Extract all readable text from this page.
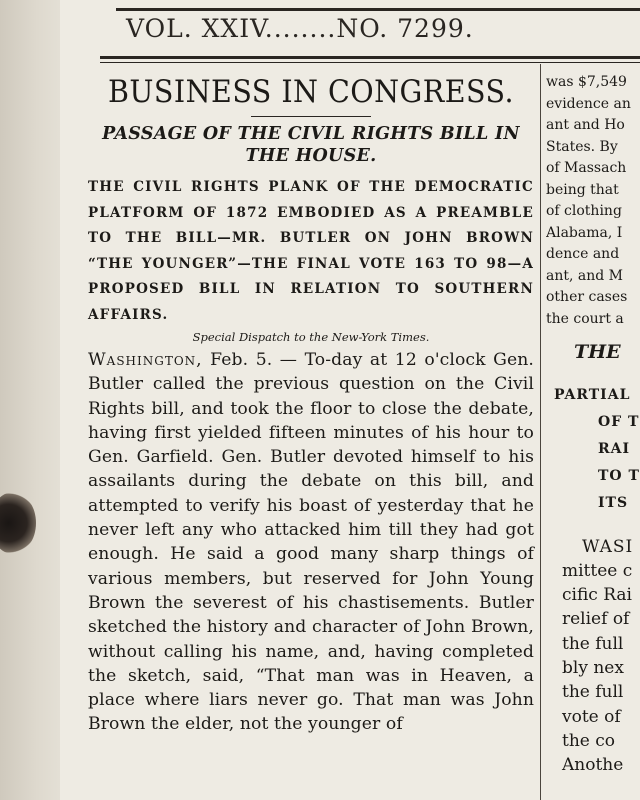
VOL. XXIV........NO. 7299.
BUSINESS IN CONGRESS.
PASSAGE OF THE CIVIL RIGHTS BILL IN THE HOUSE.
THE CIVIL RIGHTS PLANK OF THE DEMOCRATIC PLATFORM OF 1872 EMBODIED AS A PREAMBLE TO THE BILL—MR. BUTLER ON JOHN BROWN “THE YOUNGER”—THE FINAL VOTE 163 TO 98—A PROPOSED BILL IN RELATION TO SOUTHERN AFFAIRS.
Special Dispatch to the New-York Times.
Washington, Feb. 5. — To-day at 12 o'clock Gen. Butler called the previous question on the Civil Rights bill, and took the floor to close the debate, having first yielded fifteen minutes of his hour to Gen. Garfield. Gen. Butler devoted himself to his assailants during the debate on this bill, and attempted to verify his boast of yesterday that he never left any who attacked him till they had got enough. He said a good many sharp things of various members, but reserved for John Young Brown the severest of his chastisements. Butler sketched the history and character of John Brown, without calling his name, and, having completed the sketch, said, “That man was in Heaven, a place where liars never go. That man was John Brown the elder, not the younger of
was $7,549
evidence an
ant and Ho
States. By
of Massach
being that
of clothing
Alabama, I
dence and
ant, and M
other cases
the court a
THE
PARTIAL
OF T
RAI
TO T
ITS
WASI
mittee c
cific Rai
relief of
the full
bly nex
the full
vote of
the co
Anothe
